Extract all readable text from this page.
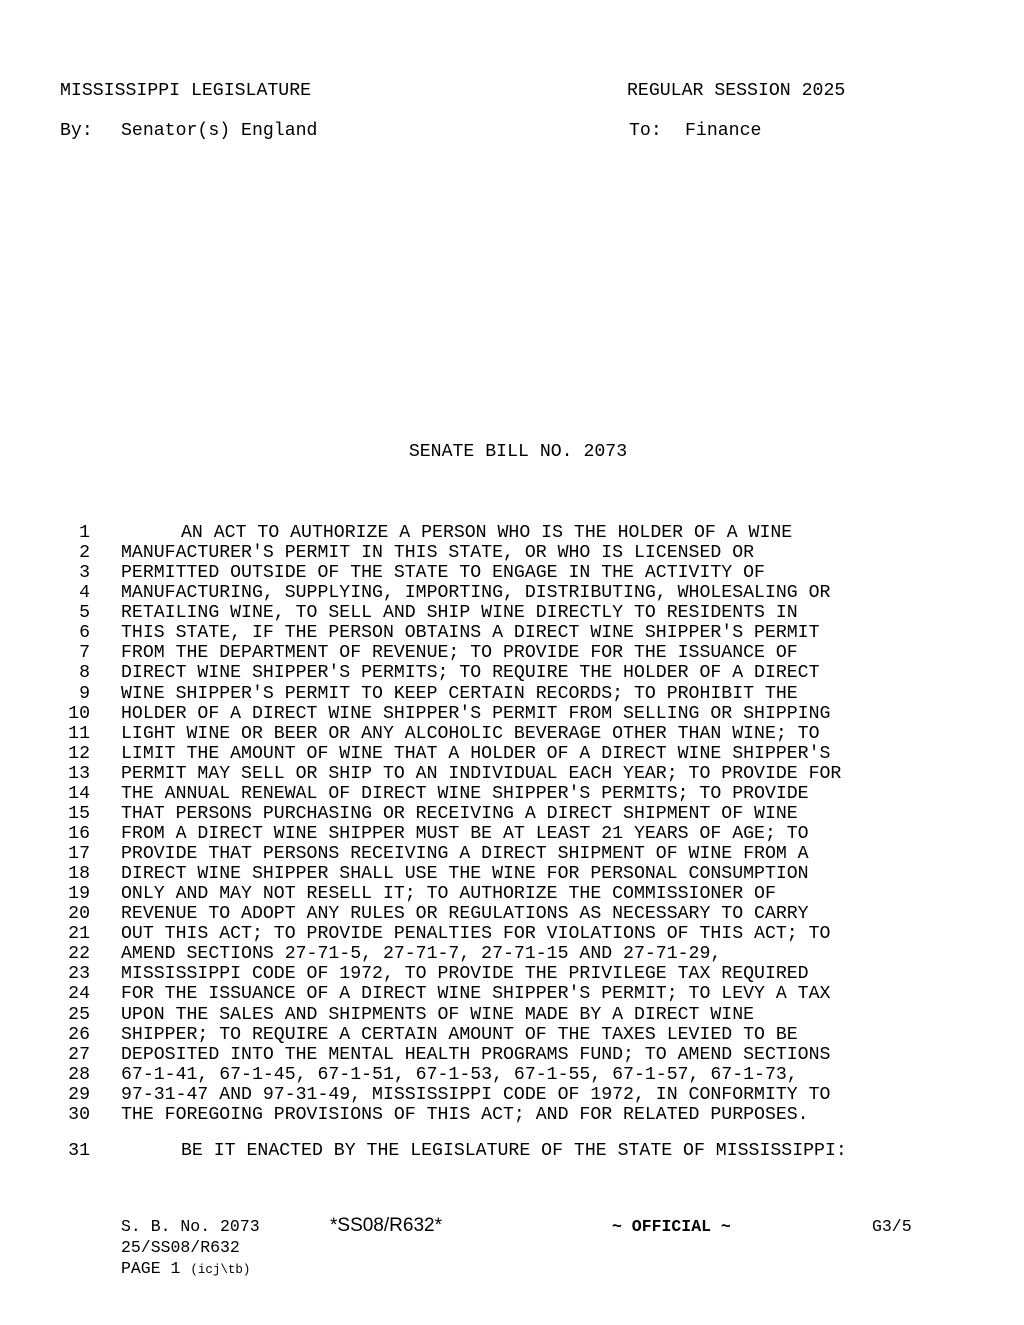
MISSISSIPPI LEGISLATURE	REGULAR SESSION 2025
By: Senator(s) England	To: Finance
SENATE BILL NO. 2073
1	AN ACT TO AUTHORIZE A PERSON WHO IS THE HOLDER OF A WINE
2 MANUFACTURER'S PERMIT IN THIS STATE, OR WHO IS LICENSED OR
3 PERMITTED OUTSIDE OF THE STATE TO ENGAGE IN THE ACTIVITY OF
4 MANUFACTURING, SUPPLYING, IMPORTING, DISTRIBUTING, WHOLESALING OR
5 RETAILING WINE, TO SELL AND SHIP WINE DIRECTLY TO RESIDENTS IN
6 THIS STATE, IF THE PERSON OBTAINS A DIRECT WINE SHIPPER'S PERMIT
7 FROM THE DEPARTMENT OF REVENUE; TO PROVIDE FOR THE ISSUANCE OF
8 DIRECT WINE SHIPPER'S PERMITS; TO REQUIRE THE HOLDER OF A DIRECT
9 WINE SHIPPER'S PERMIT TO KEEP CERTAIN RECORDS; TO PROHIBIT THE
10 HOLDER OF A DIRECT WINE SHIPPER'S PERMIT FROM SELLING OR SHIPPING
11 LIGHT WINE OR BEER OR ANY ALCOHOLIC BEVERAGE OTHER THAN WINE; TO
12 LIMIT THE AMOUNT OF WINE THAT A HOLDER OF A DIRECT WINE SHIPPER'S
13 PERMIT MAY SELL OR SHIP TO AN INDIVIDUAL EACH YEAR; TO PROVIDE FOR
14 THE ANNUAL RENEWAL OF DIRECT WINE SHIPPER'S PERMITS; TO PROVIDE
15 THAT PERSONS PURCHASING OR RECEIVING A DIRECT SHIPMENT OF WINE
16 FROM A DIRECT WINE SHIPPER MUST BE AT LEAST 21 YEARS OF AGE; TO
17 PROVIDE THAT PERSONS RECEIVING A DIRECT SHIPMENT OF WINE FROM A
18 DIRECT WINE SHIPPER SHALL USE THE WINE FOR PERSONAL CONSUMPTION
19 ONLY AND MAY NOT RESELL IT; TO AUTHORIZE THE COMMISSIONER OF
20 REVENUE TO ADOPT ANY RULES OR REGULATIONS AS NECESSARY TO CARRY
21 OUT THIS ACT; TO PROVIDE PENALTIES FOR VIOLATIONS OF THIS ACT; TO
22 AMEND SECTIONS 27-71-5, 27-71-7, 27-71-15 AND 27-71-29,
23 MISSISSIPPI CODE OF 1972, TO PROVIDE THE PRIVILEGE TAX REQUIRED
24 FOR THE ISSUANCE OF A DIRECT WINE SHIPPER'S PERMIT; TO LEVY A TAX
25 UPON THE SALES AND SHIPMENTS OF WINE MADE BY A DIRECT WINE
26 SHIPPER; TO REQUIRE A CERTAIN AMOUNT OF THE TAXES LEVIED TO BE
27 DEPOSITED INTO THE MENTAL HEALTH PROGRAMS FUND; TO AMEND SECTIONS
28 67-1-41, 67-1-45, 67-1-51, 67-1-53, 67-1-55, 67-1-57, 67-1-73,
29 97-31-47 AND 97-31-49, MISSISSIPPI CODE OF 1972, IN CONFORMITY TO
30 THE FOREGOING PROVISIONS OF THIS ACT; AND FOR RELATED PURPOSES.
31	BE IT ENACTED BY THE LEGISLATURE OF THE STATE OF MISSISSIPPI:
S. B. No. 2073
25/SS08/R632
PAGE 1 (icj\tb)
*SS08/R632*	~ OFFICIAL ~	G3/5
